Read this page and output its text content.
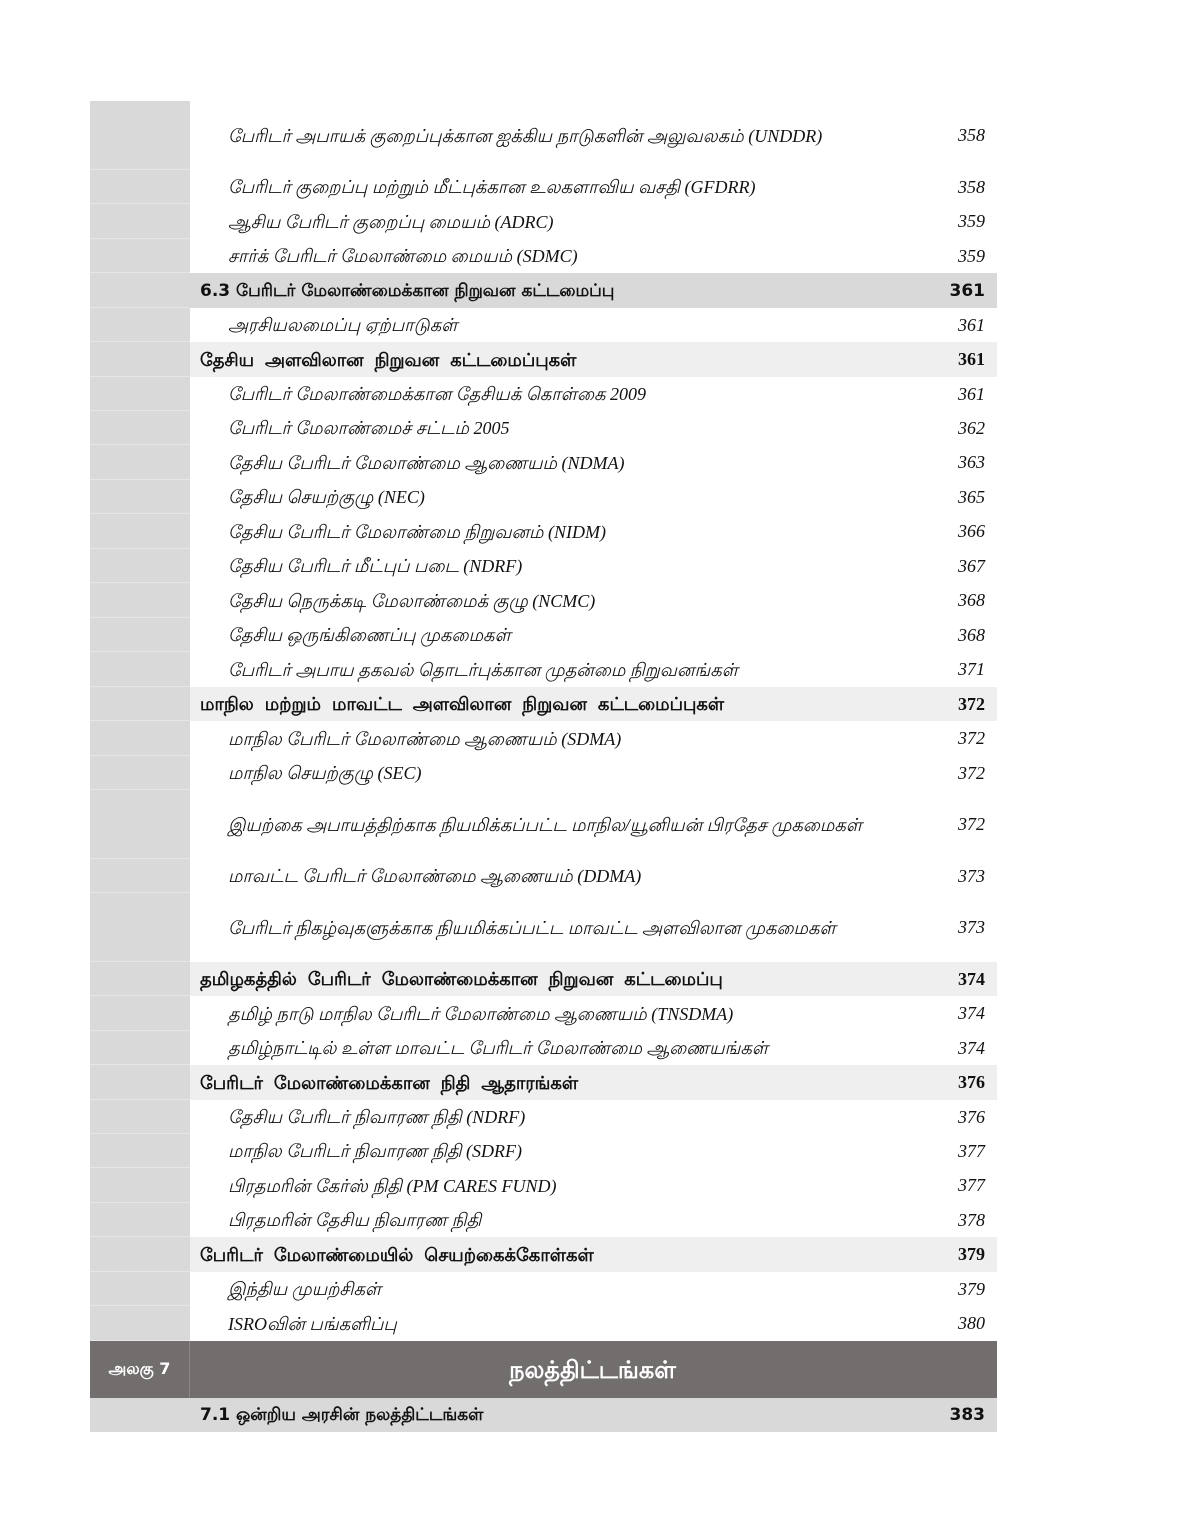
பேரிடர் அபாயக் குறைப்புக்கான ஐக்கிய நாடுகளின் அலுவலகம் (UNDDR)	358
பேரிடர் குறைப்பு மற்றும் மீட்புக்கான உலகளாவிய வசதி (GFDRR)	358
ஆசிய பேரிடர் குறைப்பு மையம் (ADRC)	359
சார்க் பேரிடர் மேலாண்மை மையம் (SDMC)	359
6.3 பேரிடர் மேலாண்மைக்கான நிறுவன கட்டமைப்பு	361
அரசியலமைப்பு ஏற்பாடுகள்	361
தேசிய அளவிலான நிறுவன கட்டமைப்புகள்	361
பேரிடர் மேலாண்மைக்கான தேசியக் கொள்கை 2009	361
பேரிடர் மேலாண்மைச் சட்டம் 2005	362
தேசிய பேரிடர் மேலாண்மை ஆணையம் (NDMA)	363
தேசிய செயற்குழு (NEC)	365
தேசிய பேரிடர் மேலாண்மை நிறுவனம் (NIDM)	366
தேசிய பேரிடர் மீட்புப் படை (NDRF)	367
தேசிய நெருக்கடி மேலாண்மைக் குழு (NCMC)	368
தேசிய ஒருங்கிணைப்பு முகமைகள்	368
பேரிடர் அபாய தகவல் தொடர்புக்கான முதன்மை நிறுவனங்கள்	371
மாநில மற்றும் மாவட்ட அளவிலான நிறுவன கட்டமைப்புகள்	372
மாநில பேரிடர் மேலாண்மை ஆணையம் (SDMA)	372
மாநில செயற்குழு (SEC)	372
இயற்கை அபாயத்திற்காக நியமிக்கப்பட்ட மாநில/யூனியன் பிரதேச முகமைகள்	372
மாவட்ட பேரிடர் மேலாண்மை ஆணையம் (DDMA)	373
பேரிடர் நிகழ்வுகளுக்காக நியமிக்கப்பட்ட மாவட்ட அளவிலான முகமைகள்	373
தமிழகத்தில் பேரிடர் மேலாண்மைக்கான நிறுவன கட்டமைப்பு	374
தமிழ் நாடு மாநில பேரிடர் மேலாண்மை ஆணையம் (TNSDMA)	374
தமிழ்நாட்டில் உள்ள மாவட்ட பேரிடர் மேலாண்மை ஆணையங்கள்	374
பேரிடர் மேலாண்மைக்கான நிதி ஆதாரங்கள்	376
தேசிய பேரிடர் நிவாரண நிதி (NDRF)	376
மாநில பேரிடர் நிவாரண நிதி (SDRF)	377
பிரதமரின் கேர்ஸ் நிதி (PM CARES FUND)	377
பிரதமரின் தேசிய நிவாரண நிதி	378
பேரிடர் மேலாண்மையில் செயற்கைக்கோள்கள்	379
இந்திய முயற்சிகள்	379
ISROவின் பங்களிப்பு	380
அலகு 7	நலத்திட்டங்கள்
7.1 ஒன்றிய அரசின் நலத்திட்டங்கள்	383
